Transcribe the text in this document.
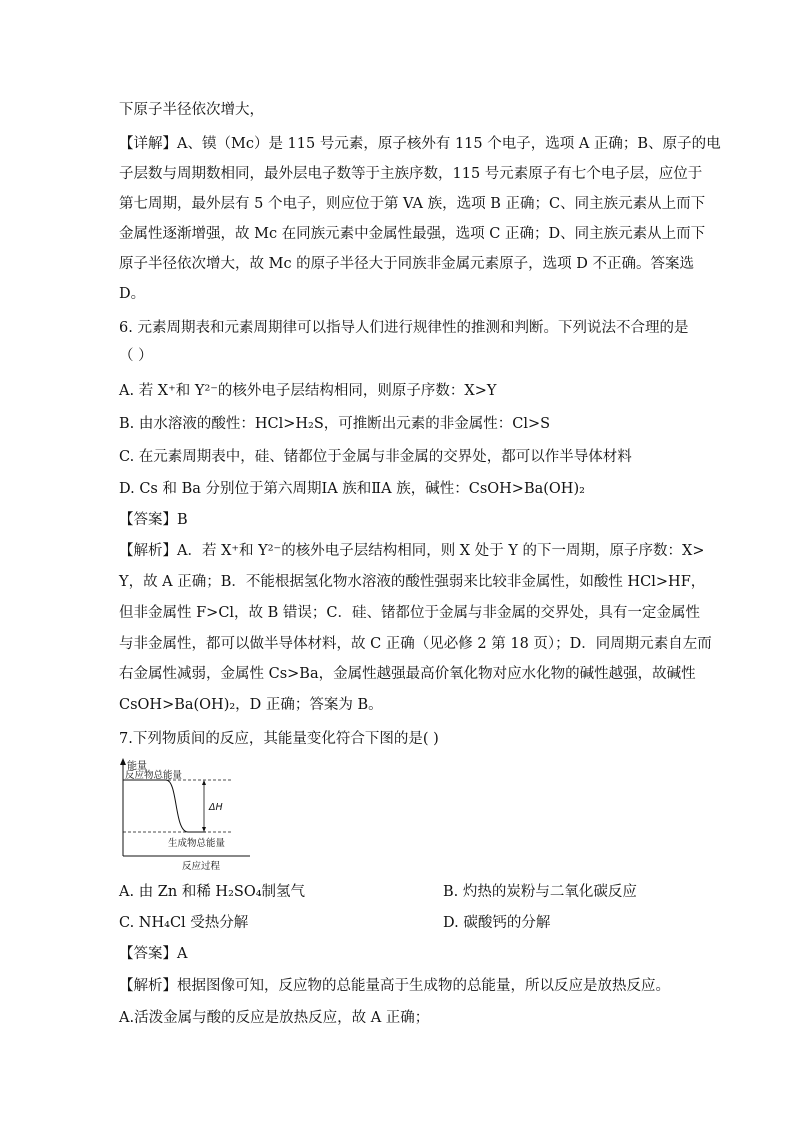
下原子半径依次增大，
【详解】A、镆（Mc）是 115 号元素，原子核外有 115 个电子，选项 A 正确；B、原子的电
子层数与周期数相同，最外层电子数等于主族序数，115 号元素原子有七个电子层，应位于
第七周期，最外层有 5 个电子，则应位于第 VA 族，选项 B 正确；C、同主族元素从上而下
金属性逐渐增强，故 Mc 在同族元素中金属性最强，选项 C 正确；D、同主族元素从上而下
原子半径依次增大，故 Mc 的原子半径大于同族非金属元素原子，选项 D 不正确。答案选
D。
6. 元素周期表和元素周期律可以指导人们进行规律性的推测和判断。下列说法不合理的是
（ ）
A. 若 X⁺和 Y²⁻的核外电子层结构相同，则原子序数：X>Y
B. 由水溶液的酸性：HCl>H₂S，可推断出元素的非金属性：Cl>S
C. 在元素周期表中，硅、锗都位于金属与非金属的交界处，都可以作半导体材料
D. Cs 和 Ba 分别位于第六周期ⅠA 族和ⅡA 族，碱性：CsOH>Ba(OH)₂
【答案】B
【解析】A．若 X⁺和 Y²⁻的核外电子层结构相同，则 X 处于 Y 的下一周期，原子序数：X>
Y，故 A 正确；B．不能根据氢化物水溶液的酸性强弱来比较非金属性，如酸性 HCl>HF，
但非金属性 F>Cl，故 B 错误；C．硅、锗都位于金属与非金属的交界处，具有一定金属性
与非金属性，都可以做半导体材料，故 C 正确（见必修 2 第 18 页）；D．同周期元素自左而
右金属性减弱，金属性 Cs>Ba，金属性越强最高价氧化物对应水化物的碱性越强，故碱性
CsOH>Ba(OH)₂，D 正确；答案为 B。
7.下列物质间的反应，其能量变化符合下图的是( )
能量
反应物总能量
ΔH
生成物总能量
反应过程
A. 由 Zn 和稀 H₂SO₄制氢气	B. 灼热的炭粉与二氧化碳反应
C. NH₄Cl 受热分解	D. 碳酸钙的分解
【答案】A
【解析】根据图像可知，反应物的总能量高于生成物的总能量，所以反应是放热反应。
A.活泼金属与酸的反应是放热反应，故 A 正确；
